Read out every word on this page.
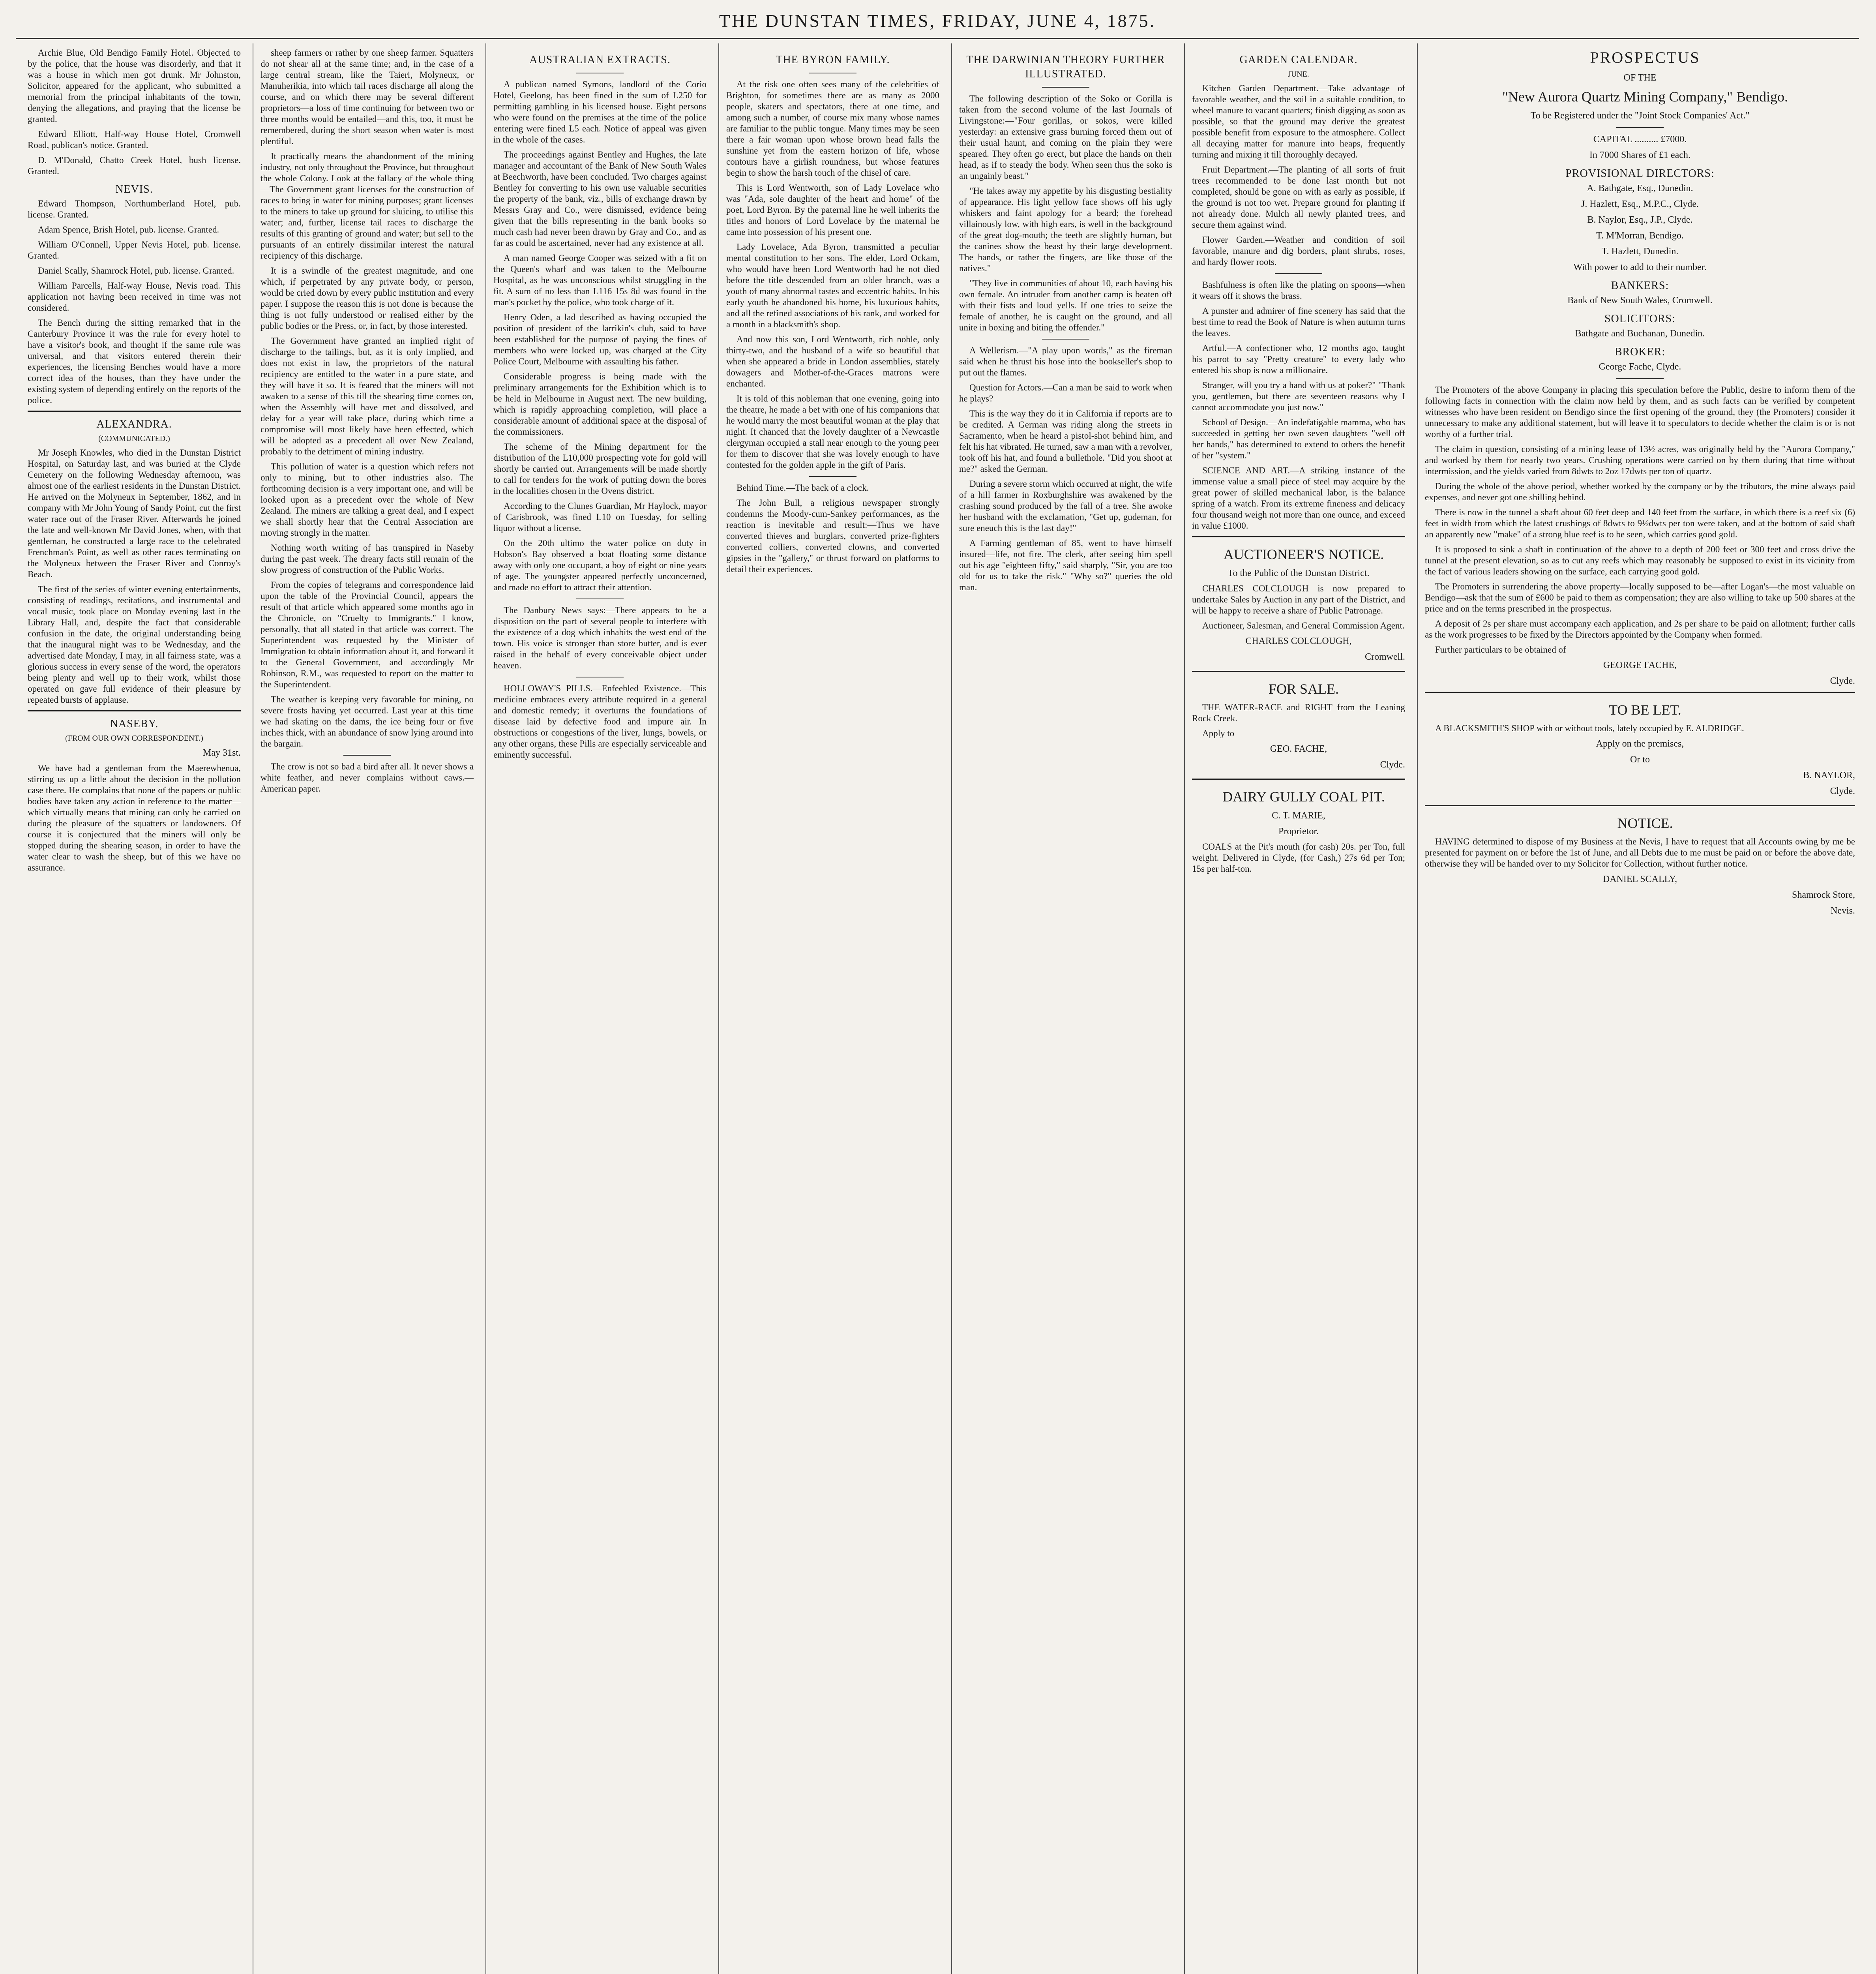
THE DUNSTAN TIMES, FRIDAY, JUNE 4, 1875.

Archie Blue, Old Bendigo Family Hotel. Objected to by the police, that the house was disorderly, and that it was a house in which men got drunk. Mr Johnston, Solicitor, appeared for the applicant, who submitted a memorial from the principal inhabitants of the town, denying the allegations, and praying that the license be granted.

Edward Elliott, Half-way House Hotel, Cromwell Road, publican's notice. Granted.

D. M'Donald, Chatto Creek Hotel, bush license. Granted.

NEVIS.

Edward Thompson, Northumberland Hotel, pub. license. Granted.

Adam Spence, Brish Hotel, pub. license. Granted.

William O'Connell, Upper Nevis Hotel, pub. license. Granted.

Daniel Scally, Shamrock Hotel, pub. license. Granted.

William Parcells, Half-way House, Nevis road. This application not having been received in time was not considered.

The Bench during the sitting remarked that in the Canterbury Province it was the rule for every hotel to have a visitor's book, and thought if the same rule was universal, and that visitors entered therein their experiences, the licensing Benches would have a more correct idea of the houses, than they have under the existing system of depending entirely on the reports of the police.

ALEXANDRA.

(COMMUNICATED.)

Mr Joseph Knowles, who died in the Dunstan District Hospital, on Saturday last, and was buried at the Clyde Cemetery on the following Wednesday afternoon, was almost one of the earliest residents in the Dunstan District. He arrived on the Molyneux in September, 1862, and in company with Mr John Young of Sandy Point, cut the first water race out of the Fraser River. Afterwards he joined the late and well-known Mr David Jones, when, with that gentleman, he constructed a large race to the celebrated Frenchman's Point, as well as other races terminating on the Molyneux between the Fraser River and Conroy's Beach.

The first of the series of winter evening entertainments, consisting of readings, recitations, and instrumental and vocal music, took place on Monday evening last in the Library Hall, and, despite the fact that considerable confusion in the date, the original understanding being that the inaugural night was to be Wednesday, and the advertised date Monday, I may, in all fairness state, was a glorious success in every sense of the word, the operators being plenty and well up to their work, whilst those operated on gave full evidence of their pleasure by repeated bursts of applause.

NASEBY.

(FROM OUR OWN CORRESPONDENT.)

May 31st.

We have had a gentleman from the Maerewhenua, stirring us up a little about the decision in the pollution case there. He complains that none of the papers or public bodies have taken any action in reference to the matter—which virtually means that mining can only be carried on during the pleasure of the squatters or landowners. Of course it is conjectured that the miners will only be stopped during the shearing season, in order to have the water clear to wash the sheep, but of this we have no assurance.

sheep farmers or rather by one sheep farmer. Squatters do not shear all at the same time; and, in the case of a large central stream, like the Taieri, Molyneux, or Manuherikia, into which tail races discharge all along the course, and on which there may be several different proprietors—a loss of time continuing for between two or three months would be entailed—and this, too, it must be remembered, during the short season when water is most plentiful.

It practically means the abandonment of the mining industry, not only throughout the Province, but throughout the whole Colony. Look at the fallacy of the whole thing—The Government grant licenses for the construction of races to bring in water for mining purposes; grant licenses to the miners to take up ground for sluicing, to utilise this water; and, further, license tail races to discharge the results of this granting of ground and water; but sell to the pursuants of an entirely dissimilar interest the natural recipiency of this discharge.

It is a swindle of the greatest magnitude, and one which, if perpetrated by any private body, or person, would be cried down by every public institution and every paper. I suppose the reason this is not done is because the thing is not fully understood or realised either by the public bodies or the Press, or, in fact, by those interested.

The Government have granted an implied right of discharge to the tailings, but, as it is only implied, and does not exist in law, the proprietors of the natural recipiency are entitled to the water in a pure state, and they will have it so. It is feared that the miners will not awaken to a sense of this till the shearing time comes on, when the Assembly will have met and dissolved, and delay for a year will take place, during which time a compromise will most likely have been effected, which will be adopted as a precedent all over New Zealand, probably to the detriment of mining industry.

This pollution of water is a question which refers not only to mining, but to other industries also. The forthcoming decision is a very important one, and will be looked upon as a precedent over the whole of New Zealand. The miners are talking a great deal, and I expect we shall shortly hear that the Central Association are moving strongly in the matter.

Nothing worth writing of has transpired in Naseby during the past week. The dreary facts still remain of the slow progress of construction of the Public Works.

From the copies of telegrams and correspondence laid upon the table of the Provincial Council, appears the result of that article which appeared some months ago in the Chronicle, on "Cruelty to Immigrants." I know, personally, that all stated in that article was correct. The Superintendent was requested by the Minister of Immigration to obtain information about it, and forward it to the General Government, and accordingly Mr Robinson, R.M., was requested to report on the matter to the Superintendent.

The weather is keeping very favorable for mining, no severe frosts having yet occurred. Last year at this time we had skating on the dams, the ice being four or five inches thick, with an abundance of snow lying around into the bargain.

The crow is not so bad a bird after all. It never shows a white feather, and never complains without caws.—American paper.

AUSTRALIAN EXTRACTS.

A publican named Symons, landlord of the Corio Hotel, Geelong, has been fined in the sum of L250 for permitting gambling in his licensed house. Eight persons who were found on the premises at the time of the police entering were fined L5 each. Notice of appeal was given in the whole of the cases.

The proceedings against Bentley and Hughes, the late manager and accountant of the Bank of New South Wales at Beechworth, have been concluded. Two charges against Bentley for converting to his own use valuable securities the property of the bank, viz., bills of exchange drawn by Messrs Gray and Co., were dismissed, evidence being given that the bills representing in the bank books so much cash had never been drawn by Gray and Co., and as far as could be ascertained, never had any existence at all.

A man named George Cooper was seized with a fit on the Queen's wharf and was taken to the Melbourne Hospital, as he was unconscious whilst struggling in the fit. A sum of no less than L116 15s 8d was found in the man's pocket by the police, who took charge of it.

Henry Oden, a lad described as having occupied the position of president of the larrikin's club, said to have been established for the purpose of paying the fines of members who were locked up, was charged at the City Police Court, Melbourne with assaulting his father.

Considerable progress is being made with the preliminary arrangements for the Exhibition which is to be held in Melbourne in August next. The new building, which is rapidly approaching completion, will place a considerable amount of additional space at the disposal of the commissioners.

The scheme of the Mining department for the distribution of the L10,000 prospecting vote for gold will shortly be carried out. Arrangements will be made shortly to call for tenders for the work of putting down the bores in the localities chosen in the Ovens district.

According to the Clunes Guardian, Mr Haylock, mayor of Carisbrook, was fined L10 on Tuesday, for selling liquor without a license.

On the 20th ultimo the water police on duty in Hobson's Bay observed a boat floating some distance away with only one occupant, a boy of eight or nine years of age. The youngster appeared perfectly unconcerned, and made no effort to attract their attention.

The Danbury News says:—There appears to be a disposition on the part of several people to interfere with the existence of a dog which inhabits the west end of the town. His voice is stronger than store butter, and is ever raised in the behalf of every conceivable object under heaven.

HOLLOWAY'S PILLS.—Enfeebled Existence.—This medicine embraces every attribute required in a general and domestic remedy; it overturns the foundations of disease laid by defective food and impure air. In obstructions or congestions of the liver, lungs, bowels, or any other organs, these Pills are especially serviceable and eminently successful.

THE BYRON FAMILY.

At the risk one often sees many of the celebrities of Brighton, for sometimes there are as many as 2000 people, skaters and spectators, there at one time, and among such a number, of course mix many whose names are familiar to the public tongue. Many times may be seen there a fair woman upon whose brown head falls the sunshine yet from the eastern horizon of life, whose contours have a girlish roundness, but whose features begin to show the harsh touch of the chisel of care.

This is Lord Wentworth, son of Lady Lovelace who was "Ada, sole daughter of the heart and home" of the poet, Lord Byron. By the paternal line he well inherits the titles and honors of Lord Lovelace by the maternal he came into possession of his present one.

Lady Lovelace, Ada Byron, transmitted a peculiar mental constitution to her sons. The elder, Lord Ockam, who would have been Lord Wentworth had he not died before the title descended from an older branch, was a youth of many abnormal tastes and eccentric habits. In his early youth he abandoned his home, his luxurious habits, and all the refined associations of his rank, and worked for a month in a blacksmith's shop.

And now this son, Lord Wentworth, rich noble, only thirty-two, and the husband of a wife so beautiful that when she appeared a bride in London assemblies, stately dowagers and Mother-of-the-Graces matrons were enchanted.

It is told of this nobleman that one evening, going into the theatre, he made a bet with one of his companions that he would marry the most beautiful woman at the play that night. It chanced that the lovely daughter of a Newcastle clergyman occupied a stall near enough to the young peer for them to discover that she was lovely enough to have contested for the golden apple in the gift of Paris.

Behind Time.—The back of a clock.

The John Bull, a religious newspaper strongly condemns the Moody-cum-Sankey performances, as the reaction is inevitable and result:—Thus we have converted thieves and burglars, converted prize-fighters converted colliers, converted clowns, and converted gipsies in the "gallery," or thrust forward on platforms to detail their experiences.

THE DARWINIAN THEORY FURTHER ILLUSTRATED.

The following description of the Soko or Gorilla is taken from the second volume of the last Journals of Livingstone:—"Four gorillas, or sokos, were killed yesterday: an extensive grass burning forced them out of their usual haunt, and coming on the plain they were speared. They often go erect, but place the hands on their head, as if to steady the body. When seen thus the soko is an ungainly beast."

"He takes away my appetite by his disgusting bestiality of appearance. His light yellow face shows off his ugly whiskers and faint apology for a beard; the forehead villainously low, with high ears, is well in the background of the great dog-mouth; the teeth are slightly human, but the canines show the beast by their large development. The hands, or rather the fingers, are like those of the natives."

"They live in communities of about 10, each having his own female. An intruder from another camp is beaten off with their fists and loud yells. If one tries to seize the female of another, he is caught on the ground, and all unite in boxing and biting the offender."

A Wellerism.—"A play upon words," as the fireman said when he thrust his hose into the bookseller's shop to put out the flames.

Question for Actors.—Can a man be said to work when he plays?

This is the way they do it in California if reports are to be credited. A German was riding along the streets in Sacramento, when he heard a pistol-shot behind him, and felt his hat vibrated. He turned, saw a man with a revolver, took off his hat, and found a bullethole. "Did you shoot at me?" asked the German.

During a severe storm which occurred at night, the wife of a hill farmer in Roxburghshire was awakened by the crashing sound produced by the fall of a tree. She awoke her husband with the exclamation, "Get up, gudeman, for sure eneuch this is the last day!"

A Farming gentleman of 85, went to have himself insured—life, not fire. The clerk, after seeing him spell out his age "eighteen fifty," said sharply, "Sir, you are too old for us to take the risk." "Why so?" queries the old man.

GARDEN CALENDAR.

JUNE.

Kitchen Garden Department.—Take advantage of favorable weather, and the soil in a suitable condition, to wheel manure to vacant quarters; finish digging as soon as possible, so that the ground may derive the greatest possible benefit from exposure to the atmosphere. Collect all decaying matter for manure into heaps, frequently turning and mixing it till thoroughly decayed.

Fruit Department.—The planting of all sorts of fruit trees recommended to be done last month but not completed, should be gone on with as early as possible, if the ground is not too wet. Prepare ground for planting if not already done. Mulch all newly planted trees, and secure them against wind.

Flower Garden.—Weather and condition of soil favorable, manure and dig borders, plant shrubs, roses, and hardy flower roots.

Bashfulness is often like the plating on spoons—when it wears off it shows the brass.

A punster and admirer of fine scenery has said that the best time to read the Book of Nature is when autumn turns the leaves.

Artful.—A confectioner who, 12 months ago, taught his parrot to say "Pretty creature" to every lady who entered his shop is now a millionaire.

Stranger, will you try a hand with us at poker?" "Thank you, gentlemen, but there are seventeen reasons why I cannot accommodate you just now."

School of Design.—An indefatigable mamma, who has succeeded in getting her own seven daughters "well off her hands," has determined to extend to others the benefit of her "system."

SCIENCE AND ART.—A striking instance of the immense value a small piece of steel may acquire by the great power of skilled mechanical labor, is the balance spring of a watch. From its extreme fineness and delicacy four thousand weigh not more than one ounce, and exceed in value £1000.

AUCTIONEER'S NOTICE.

To the Public of the Dunstan District.

CHARLES COLCLOUGH is now prepared to undertake Sales by Auction in any part of the District, and will be happy to receive a share of Public Patronage.

Auctioneer, Salesman, and General Commission Agent.

CHARLES COLCLOUGH,

Cromwell.

FOR SALE.

THE WATER-RACE and RIGHT from the Leaning Rock Creek.

Apply to

GEO. FACHE,

Clyde.

DAIRY GULLY COAL PIT.

C. T. MARIE,

Proprietor.

COALS at the Pit's mouth (for cash) 20s. per Ton, full weight. Delivered in Clyde, (for Cash,) 27s 6d per Ton; 15s per half-ton.

PROSPECTUS

OF THE

"New Aurora Quartz Mining Company," Bendigo.

To be Registered under the "Joint Stock Companies' Act."

CAPITAL .......... £7000.

In 7000 Shares of £1 each.

PROVISIONAL DIRECTORS:

A. Bathgate, Esq., Dunedin.

J. Hazlett, Esq., M.P.C., Clyde.

B. Naylor, Esq., J.P., Clyde.

T. M'Morran, Bendigo.

T. Hazlett, Dunedin.

With power to add to their number.

BANKERS:

Bank of New South Wales, Cromwell.

SOLICITORS:

Bathgate and Buchanan, Dunedin.

BROKER:

George Fache, Clyde.

The Promoters of the above Company in placing this speculation before the Public, desire to inform them of the following facts in connection with the claim now held by them, and as such facts can be verified by competent witnesses who have been resident on Bendigo since the first opening of the ground, they (the Promoters) consider it unnecessary to make any additional statement, but will leave it to speculators to decide whether the claim is or is not worthy of a further trial.

The claim in question, consisting of a mining lease of 13½ acres, was originally held by the "Aurora Company," and worked by them for nearly two years. Crushing operations were carried on by them during that time without intermission, and the yields varied from 8dwts to 2oz 17dwts per ton of quartz.

During the whole of the above period, whether worked by the company or by the tributors, the mine always paid expenses, and never got one shilling behind.

There is now in the tunnel a shaft about 60 feet deep and 140 feet from the surface, in which there is a reef six (6) feet in width from which the latest crushings of 8dwts to 9½dwts per ton were taken, and at the bottom of said shaft an apparently new "make" of a strong blue reef is to be seen, which carries good gold.

It is proposed to sink a shaft in continuation of the above to a depth of 200 feet or 300 feet and cross drive the tunnel at the present elevation, so as to cut any reefs which may reasonably be supposed to exist in its vicinity from the fact of various leaders showing on the surface, each carrying good gold.

The Promoters in surrendering the above property—locally supposed to be—after Logan's—the most valuable on Bendigo—ask that the sum of £600 be paid to them as compensation; they are also willing to take up 500 shares at the price and on the terms prescribed in the prospectus.

A deposit of 2s per share must accompany each application, and 2s per share to be paid on allotment; further calls as the work progresses to be fixed by the Directors appointed by the Company when formed.

Further particulars to be obtained of

GEORGE FACHE,

Clyde.

TO BE LET.

A BLACKSMITH'S SHOP with or without tools, lately occupied by E. ALDRIDGE.

Apply on the premises,

Or to

B. NAYLOR,

Clyde.

NOTICE.

HAVING determined to dispose of my Business at the Nevis, I have to request that all Accounts owing by me be presented for payment on or before the 1st of June, and all Debts due to me must be paid on or before the above date, otherwise they will be handed over to my Solicitor for Collection, without further notice.

DANIEL SCALLY,

Shamrock Store,

Nevis.
